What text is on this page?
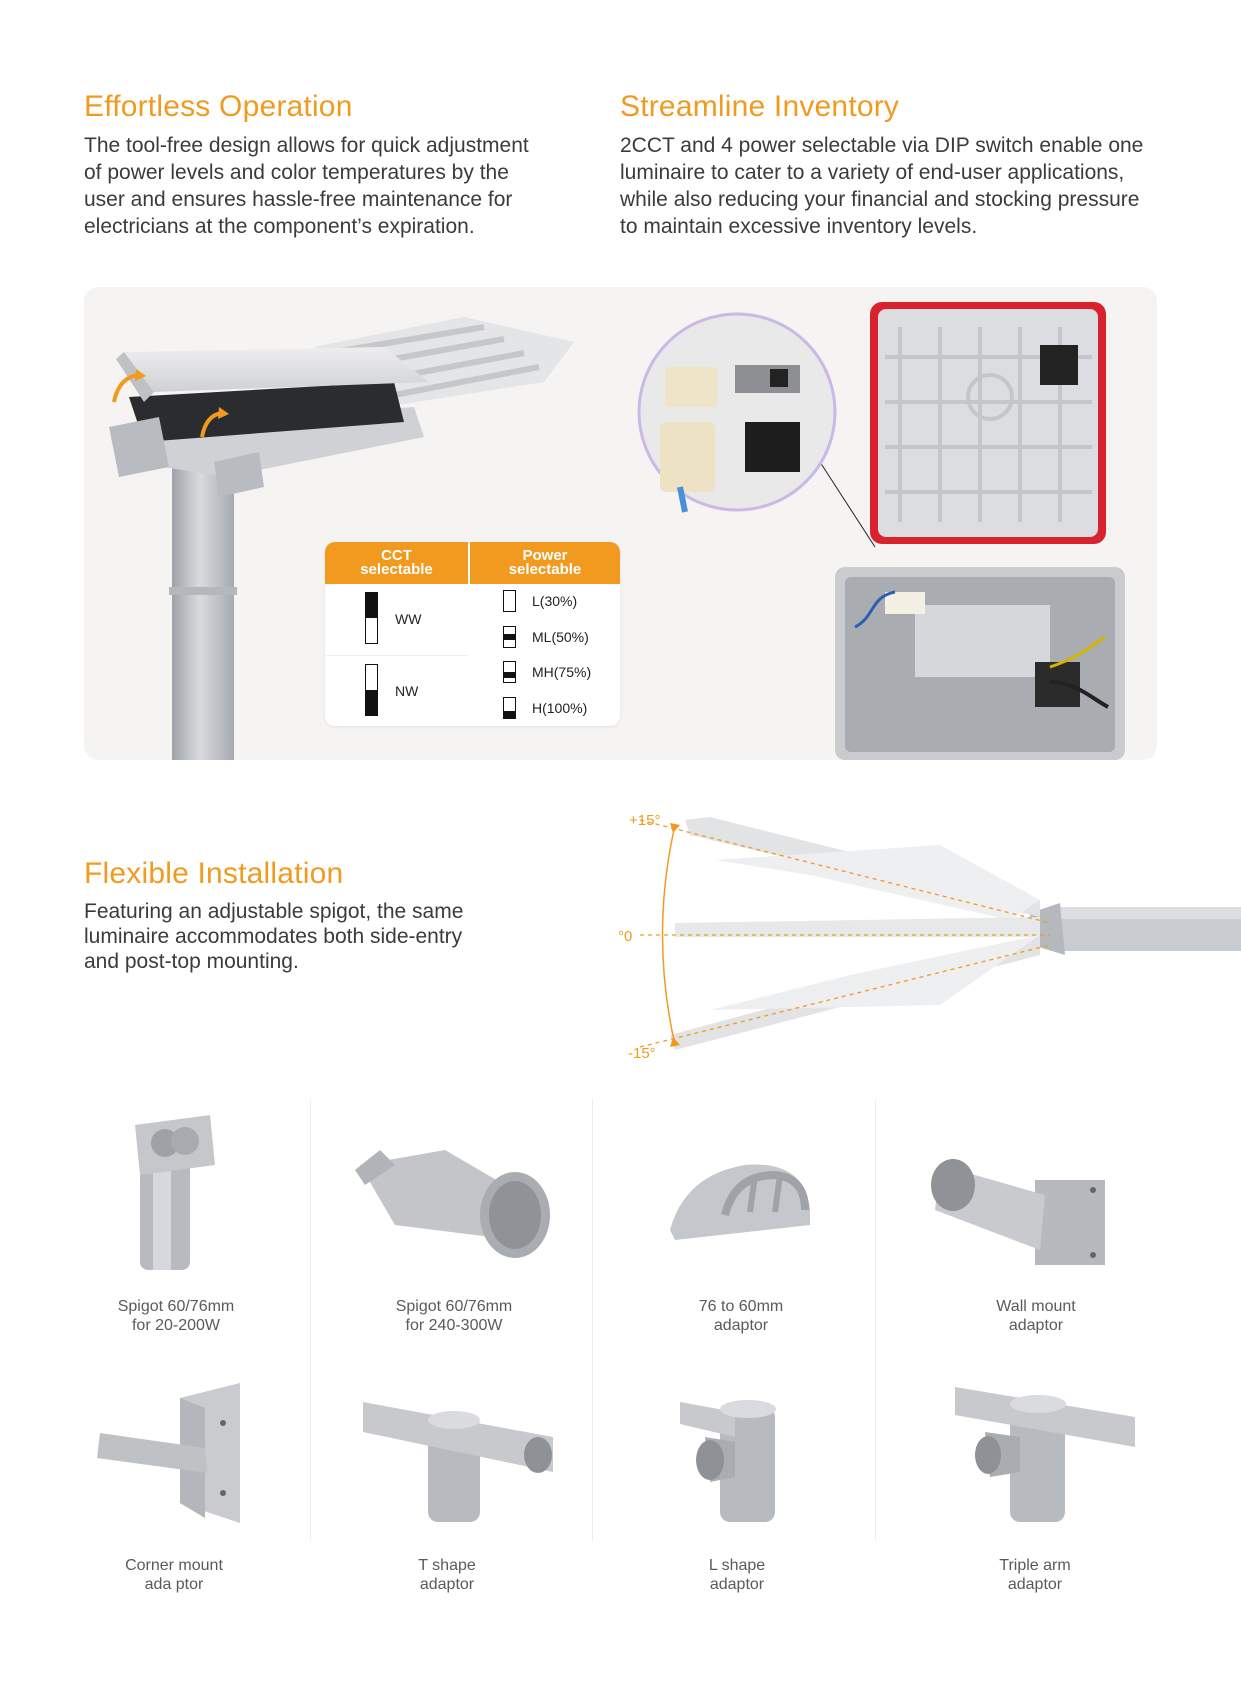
Effortless Operation

The tool-free design allows for quick adjustment

of power levels and color temperatures by the

user and ensures hassle-free maintenance for

electricians at the component’s expiration.

Streamline Inventory

2CCT and 4 power selectable via DIP switch enable one

luminaire to cater to a variety of end-user applications,

while also reducing your financial and stocking pressure

to maintain excessive inventory levels.

CCT
selectable
Power
selectable
WW
NW
L(30%)
ML(50%)
MH(75%)
H(100%)
Flexible Installation

Featuring an adjustable spigot, the same

luminaire accommodates both side-entry

and post-top mounting.

+15°
°0
-15°
Spigot 60/76mm
for 20-200W
Spigot 60/76mm
for 240-300W
76 to 60mm
adaptor
Wall mount
adaptor
Corner mount
ada ptor
T shape
adaptor
L shape
adaptor
Triple arm
adaptor
